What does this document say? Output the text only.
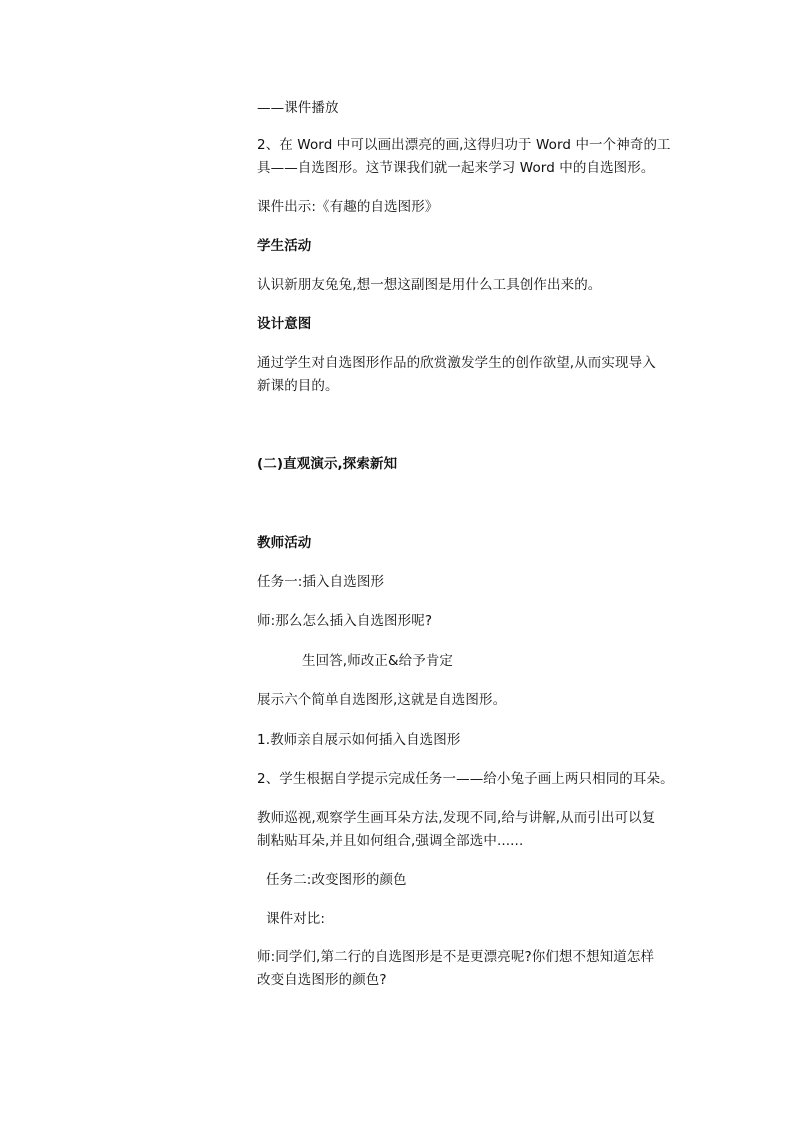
——课件播放
2、在 Word 中可以画出漂亮的画,这得归功于 Word 中一个神奇的工
具——自选图形。这节课我们就一起来学习 Word 中的自选图形。
课件出示:《有趣的自选图形》
学生活动
认识新朋友兔兔,想一想这副图是用什么工具创作出来的。
设计意图
通过学生对自选图形作品的欣赏激发学生的创作欲望,从而实现导入
新课的目的。
(二)直观演示,探索新知
教师活动
任务一:插入自选图形
师:那么怎么插入自选图形呢?
生回答,师改正&给予肯定
展示六个简单自选图形,这就是自选图形。
1.教师亲自展示如何插入自选图形
2、学生根据自学提示完成任务一——给小兔子画上两只相同的耳朵。
教师巡视,观察学生画耳朵方法,发现不同,给与讲解,从而引出可以复
制粘贴耳朵,并且如何组合,强调全部选中......
任务二:改变图形的颜色
课件对比:
师:同学们,第二行的自选图形是不是更漂亮呢?你们想不想知道怎样
改变自选图形的颜色?
